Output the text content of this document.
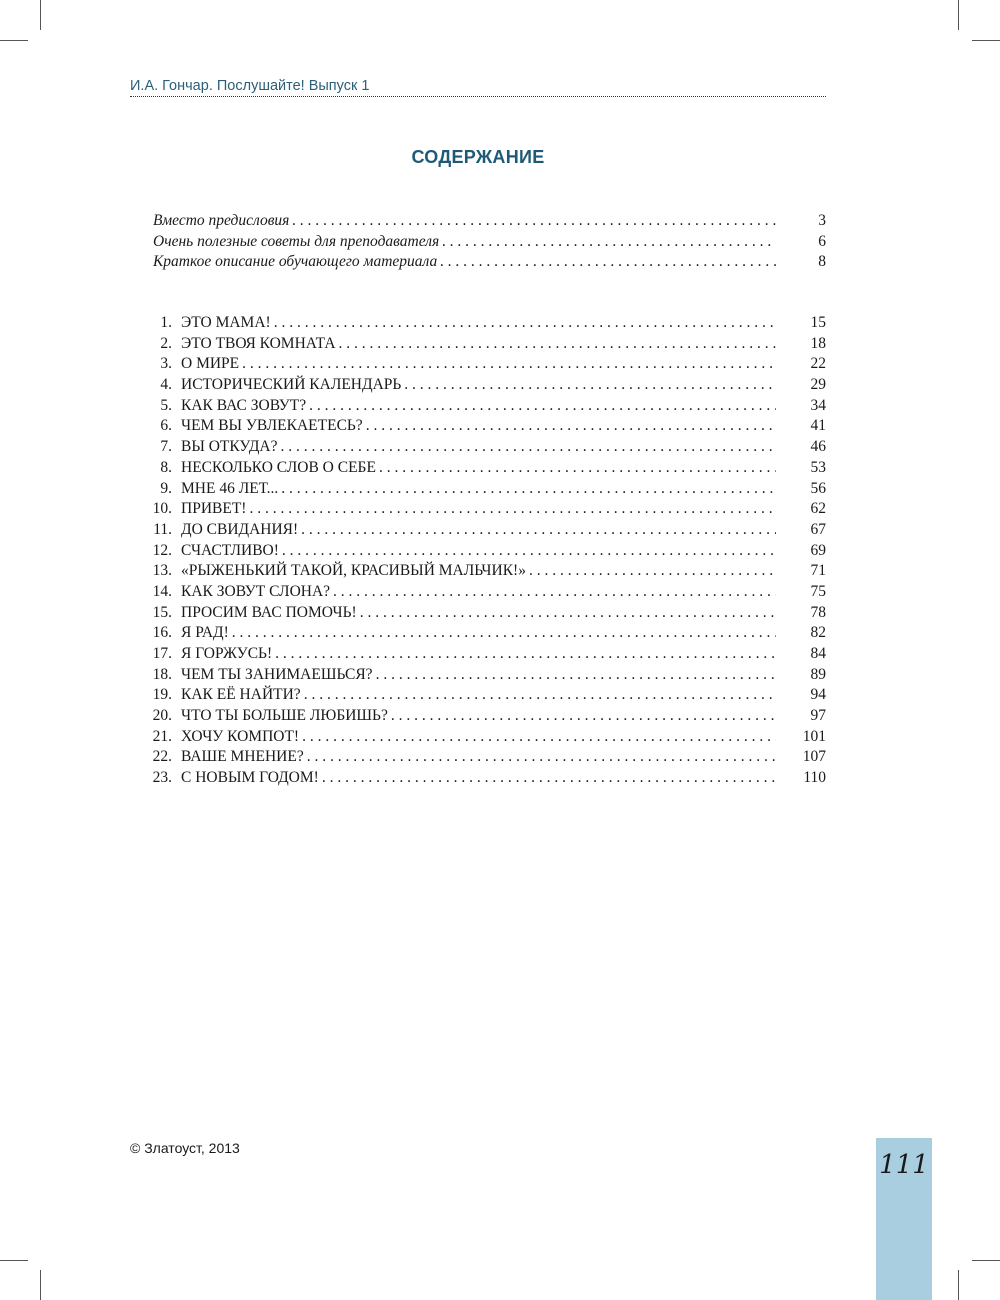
И.А. Гончар. Послушайте! Выпуск 1
СОДЕРЖАНИЕ
Вместо предисловия . . .	3
Очень полезные советы для преподавателя . . .	6
Краткое описание обучающего материала . . .	8
1. ЭТО МАМА! . . .	15
2. ЭТО ТВОЯ КОМНАТА . . .	18
3. О МИРЕ . . .	22
4. ИСТОРИЧЕСКИЙ КАЛЕНДАРЬ . . .	29
5. КАК ВАС ЗОВУТ? . . .	34
6. ЧЕМ ВЫ УВЛЕКАЕТЕСЬ? . . .	41
7. ВЫ ОТКУДА? . . .	46
8. НЕСКОЛЬКО СЛОВ О СЕБЕ . . .	53
9. МНЕ 46 ЛЕТ... . . .	56
10. ПРИВЕТ! . . .	62
11. ДО СВИДАНИЯ! . . .	67
12. СЧАСТЛИВО! . . .	69
13. «РЫЖЕНЬКИЙ ТАКОЙ, КРАСИВЫЙ МАЛЬЧИК!» . . .	71
14. КАК ЗОВУТ СЛОНА? . . .	75
15. ПРОСИМ ВАС ПОМОЧЬ! . . .	78
16. Я РАД! . . .	82
17. Я ГОРЖУСЬ! . . .	84
18. ЧЕМ ТЫ ЗАНИМАЕШЬСЯ? . . .	89
19. КАК ЕЁ НАЙТИ? . . .	94
20. ЧТО ТЫ БОЛЬШЕ ЛЮБИШЬ? . . .	97
21. ХОЧУ КОМПОТ! . . .	101
22. ВАШЕ МНЕНИЕ? . . .	107
23. С НОВЫМ ГОДОМ! . . .	110
© Златоуст, 2013
111
